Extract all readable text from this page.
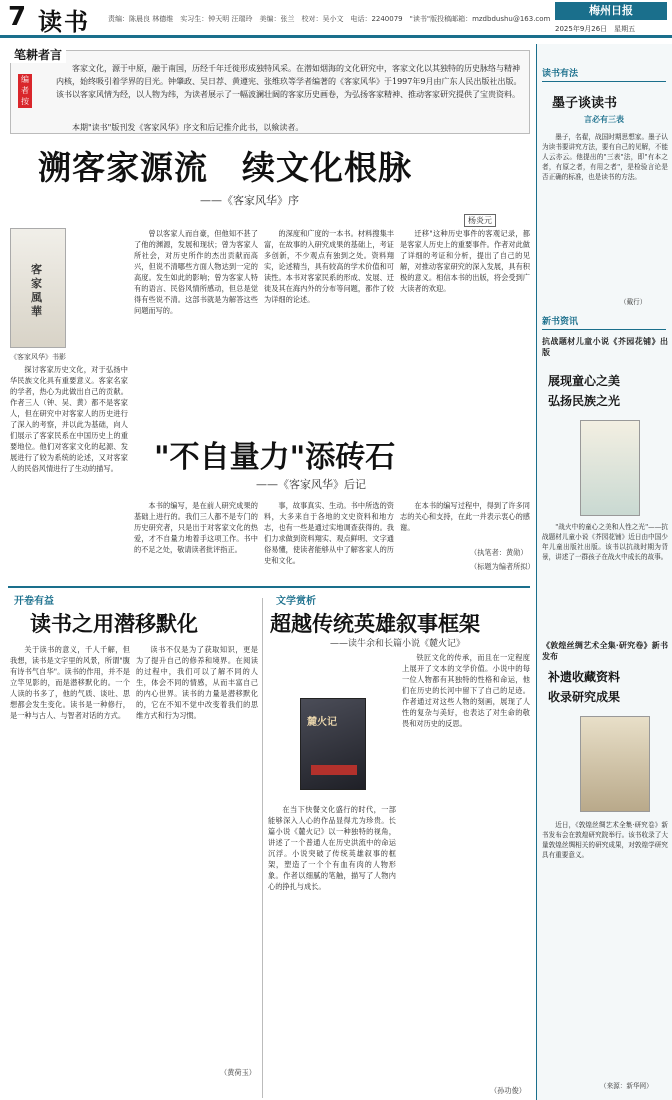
7 读书	责编：陈晨良 林德维　实习生：钟天明 汪瑞玲　美编：张兰　校对：吴小文　电话：2240079　"读书"版投稿邮箱：mzdbdushu@163.com
梅州日报
2025年9月26日　星期五
笔耕者言
编者按
客家文化，源于中原，融于南国，历经千年迁徙形成独特风采。在潜如烟海的文化研究中，客家文化以其独特的历史脉络与精神内核，始终吸引着学界的目光。钟肇政、吴日荐、黄遵宪、张维玖等学者编著的《客家风华》于1997年9月由广东人民出版社出版。该书以客家风情为经，以人物为纬，为读者展示了一幅波澜壮阔的客家历史画卷，为弘扬客家精神、推动客家研究提供了宝贵资料。
本期"读书"版刊发《客家风华》序文和后记推介此书，以飨读者。
溯客家源流　续文化根脉
——《客家风华》序
杨炎元
客家風華
《客家风华》书影

探讨客家历史文化，对于弘扬中华民族文化具有重要意义。客家名家的学者，热心为此做出自己的贡献。作者三人（钟、吴、黄）都不是客家人，但在研究中对客家人的历史进行了深入的考察，并以此为基础，向人们展示了客家民系在中国历史上的重要地位。他们对客家文化的起源、发展进行了较为系统的论述，又对客家人的民俗风情进行了生动的描写。

曾以客家人而自豪，但他知不甚了了他的渊源，发展和现状；曾为客家人所社会，对历史所作的杰出贡献而高兴，但说不清哪些方面人物达到一定的高度。发生如此的影响；曾为客家人特有的语言、民俗风情所感动，但总是觉得有些说不清。这部书就是为解答这些问题而写的。

的深度和广度的一本书。材料搜集丰富，在故事的入研究成果的基础上，考证多创新，不少观点有独到之处。资料翔实，论述精当，具有较高的学术价值和可读性。本书对客家民系的形成、发展、迁徙及其在海内外的分布等问题，都作了较为详细的论述。

迁移"这种历史事件的客观记录，都是客家人历史上的重要事件。作者对此做了详细的考证和分析，提出了自己的见解，对推动客家研究的深入发展，具有积极的意义。相信本书的出版，将会受到广大读者的欢迎。

"不自量力"添砖石
——《客家风华》后记

本书的编写，是在前人研究成果的基础上进行的。我们三人都不是专门的历史研究者，只是出于对客家文化的热爱，才不自量力地着手这项工作。书中的不足之处，敬请读者批评指正。

事，故事真实、生动。书中所选的资料，大多来自于各地的文史资料和地方志，也有一些是通过实地调查获得的。我们力求做到资料翔实、观点鲜明、文字通俗易懂，使读者能够从中了解客家人的历史和文化。

在本书的编写过程中，得到了许多同志的关心和支持，在此一并表示衷心的感谢。

（执笔者：黄勋）
（标题为编者所拟）
开卷有益
读书之用潜移默化

关于读书的意义，千人千解，但我想，读书是文字里的风景，所谓"腹有诗书气自华"。读书的作用，并不是立竿见影的，而是潜移默化的。一个人读的书多了，他的气质、谈吐、思想都会发生变化。读书是一种修行，是一种与古人、与智者对话的方式。

读书不仅是为了获取知识，更是为了提升自己的修养和境界。在阅读的过程中，我们可以了解不同的人生，体会不同的情感，从而丰富自己的内心世界。读书的力量是潜移默化的，它在不知不觉中改变着我们的思维方式和行为习惯。

（黄荷玉）
文学赏析
超越传统英雄叙事框架
——读牛余和长篇小说《麓火记》
麓火记

在当下快餐文化盛行的时代，一部能够深入人心的作品显得尤为珍贵。长篇小说《麓火记》以一种独特的视角，讲述了一个普通人在历史洪流中的命运沉浮。小说突破了传统英雄叙事的框架，塑造了一个个有血有肉的人物形象。作者以细腻的笔触，描写了人物内心的挣扎与成长。

铁匠文化的传承，而且在一定程度上展开了文本的文学价值。小说中的每一位人物都有其独特的性格和命运，他们在历史的长河中留下了自己的足迹。作者通过对这些人物的刻画，展现了人性的复杂与美好，也表达了对生命的敬畏和对历史的反思。

（孙功俊）
读书有法
墨子谈读书
言必有三表

墨子，名翟，战国时期思想家。墨子认为读书要讲究方法，要有自己的见解，不能人云亦云。他提出的"三表"法，即"有本之者，有原之者，有用之者"，是检验言论是否正确的标准，也是读书的方法。

（戴行）
新书资讯

抗战题材儿童小说《芥园花铺》出版

展现童心之美
弘扬民族之光

"战火中的童心之美和人性之光"——抗战题材儿童小说《芥园花铺》近日由中国少年儿童出版社出版。该书以抗战时期为背景，讲述了一群孩子在战火中成长的故事。

《敦煌丝绸艺术全集·研究卷》新书发布

补遗收藏资料
收录研究成果

近日，《敦煌丝绸艺术全集·研究卷》新书发布会在敦煌研究院举行。该书收录了大量敦煌丝绸相关的研究成果，对敦煌学研究具有重要意义。

（来源：新华网）
